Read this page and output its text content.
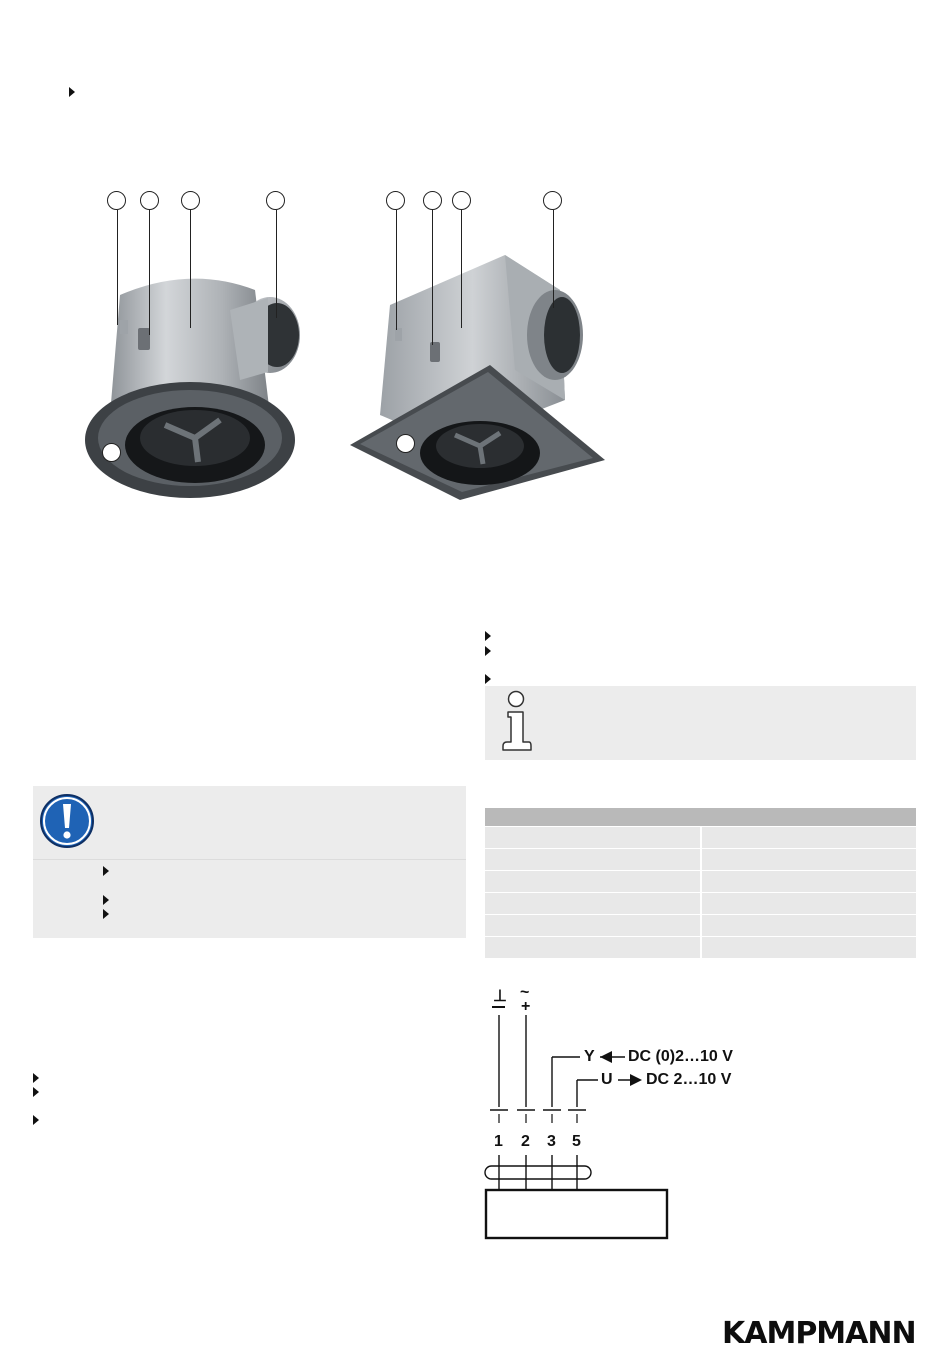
⊥ ~
+
Y DC (0)2…10 V
U DC 2…10 V
1 2 3 5
KAMPMANN
